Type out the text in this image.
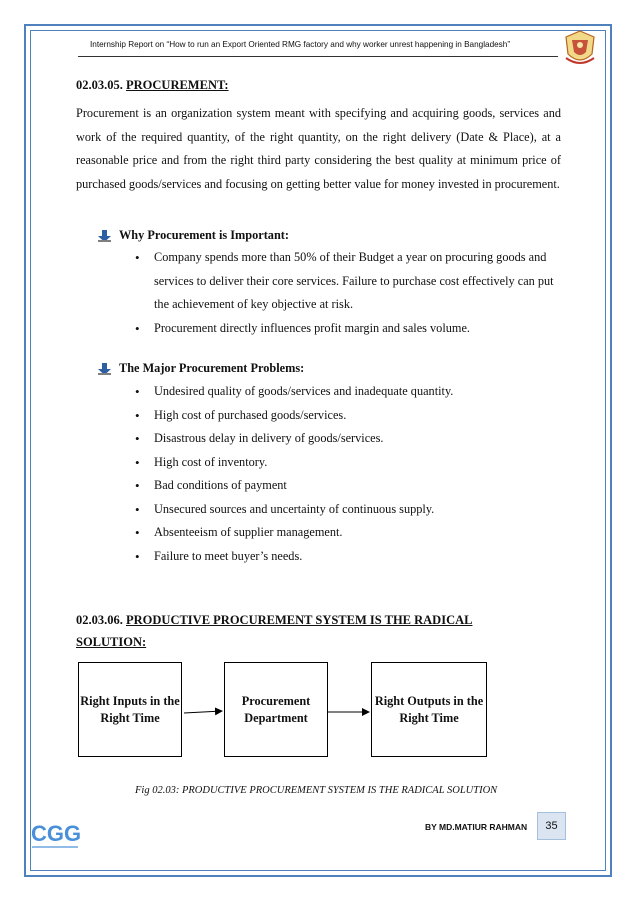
Internship Report on “How to run an Export Oriented RMG factory and why worker unrest happening in Bangladesh”
02.03.05. PROCUREMENT:
Procurement is an organization system meant with specifying and acquiring goods, services and work of the required quantity, of the right quantity, on the right delivery (Date & Place), at a reasonable price and from the right third party considering the best quality at minimum price of purchased goods/services and focusing on getting better value for money invested in procurement.
Why Procurement is Important:
• Company spends more than 50% of their Budget a year on procuring goods and services to deliver their core services. Failure to purchase cost effectively can put the achievement of key objective at risk.
• Procurement directly influences profit margin and sales volume.
The Major Procurement Problems:
• Undesired quality of goods/services and inadequate quantity.
• High cost of purchased goods/services.
• Disastrous delay in delivery of goods/services.
• High cost of inventory.
• Bad conditions of payment
• Unsecured sources and uncertainty of continuous supply.
• Absenteeism of supplier management.
• Failure to meet buyer’s needs.
02.03.06. PRODUCTIVE PROCUREMENT SYSTEM IS THE RADICAL
SOLUTION:
Right Inputs in the Right Time
Procurement Department
Right Outputs in the Right Time
Fig 02.03: PRODUCTIVE PROCUREMENT SYSTEM IS THE RADICAL SOLUTION
CGG	BY MD.MATIUR RAHMAN	35
